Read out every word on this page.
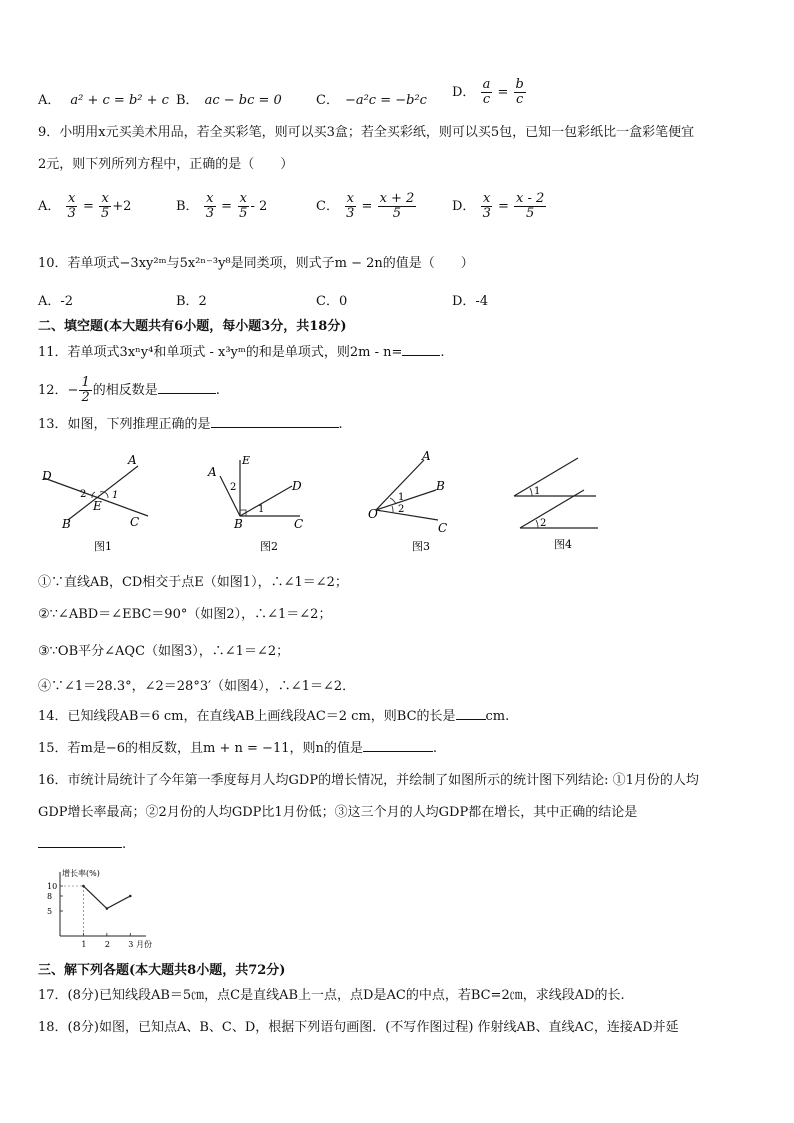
A． a² + c = b² + c B． ac − bc = 0	C． −a²c = −b²c
D． $\frac{a}{c} = \frac{b}{c}$
9．小明用x元买美术用品，若全买彩笔，则可以买3盒；若全买彩纸，则可以买5包，已知一包彩纸比一盒彩笔便宜
2元，则下列所列方程中，正确的是（　　）
A． $\frac{x}{3} = \frac{x}{5} +2$	B． $\frac{x}{3} = \frac{x}{5} - 2$	C． $\frac{x}{3} = \frac{x + 2}{5}$	D． $\frac{x}{3} = \frac{x - 2}{5}$
10．若单项式−3xy²ᵐ与5x²ⁿ⁻³y⁸是同类项，则式子m − 2n的值是（　　）
A．-2	B．2	C．0	D．-4
二、填空题(本大题共有6小题，每小题3分，共18分)
11．若单项式3xⁿy⁴和单项式 - x³yᵐ的和是单项式，则2m - n=	.
12．− $\frac{1}{2}$ 的相反数是	.
13．如图，下列推理正确的是	.
D
A
2	1
E
B	C
图1
E
A
2	D
1
B	C
图2
A
B
1
2
O
C
图3
1
2
图4
①∵直线AB，CD相交于点E（如图1），∴∠1＝∠2；
②∵∠ABD＝∠EBC＝90°（如图2），∴∠1＝∠2；
③∵OB平分∠AQC（如图3），∴∠1＝∠2；
④∵∠1＝28.3°，∠2＝28°3′（如图4），∴∠1＝∠2．
14．已知线段AB＝6 cm，在直线AB上画线段AC＝2 cm，则BC的长是 cm.
15．若m是−6的相反数，且m + n = −11，则n的值是	.
16．市统计局统计了今年第一季度每月人均GDP的增长情况，并绘制了如图所示的统计图下列结论: ①1月份的人均
GDP增长率最高；②2月份的人均GDP比1月份低；③这三个月的人均GDP都在增长，其中正确的结论是
.
增长率(%)
月份
10
8
5
1 2 3
三、解下列各题(本大题共8小题，共72分)
17．(8分)已知线段AB＝5㎝，点C是直线AB上一点，点D是AC的中点，若BC=2㎝，求线段AD的长.
18．(8分)如图，已知点A、B、C、D，根据下列语句画图．(不写作图过程) 作射线AB、直线AC，连接AD并延
